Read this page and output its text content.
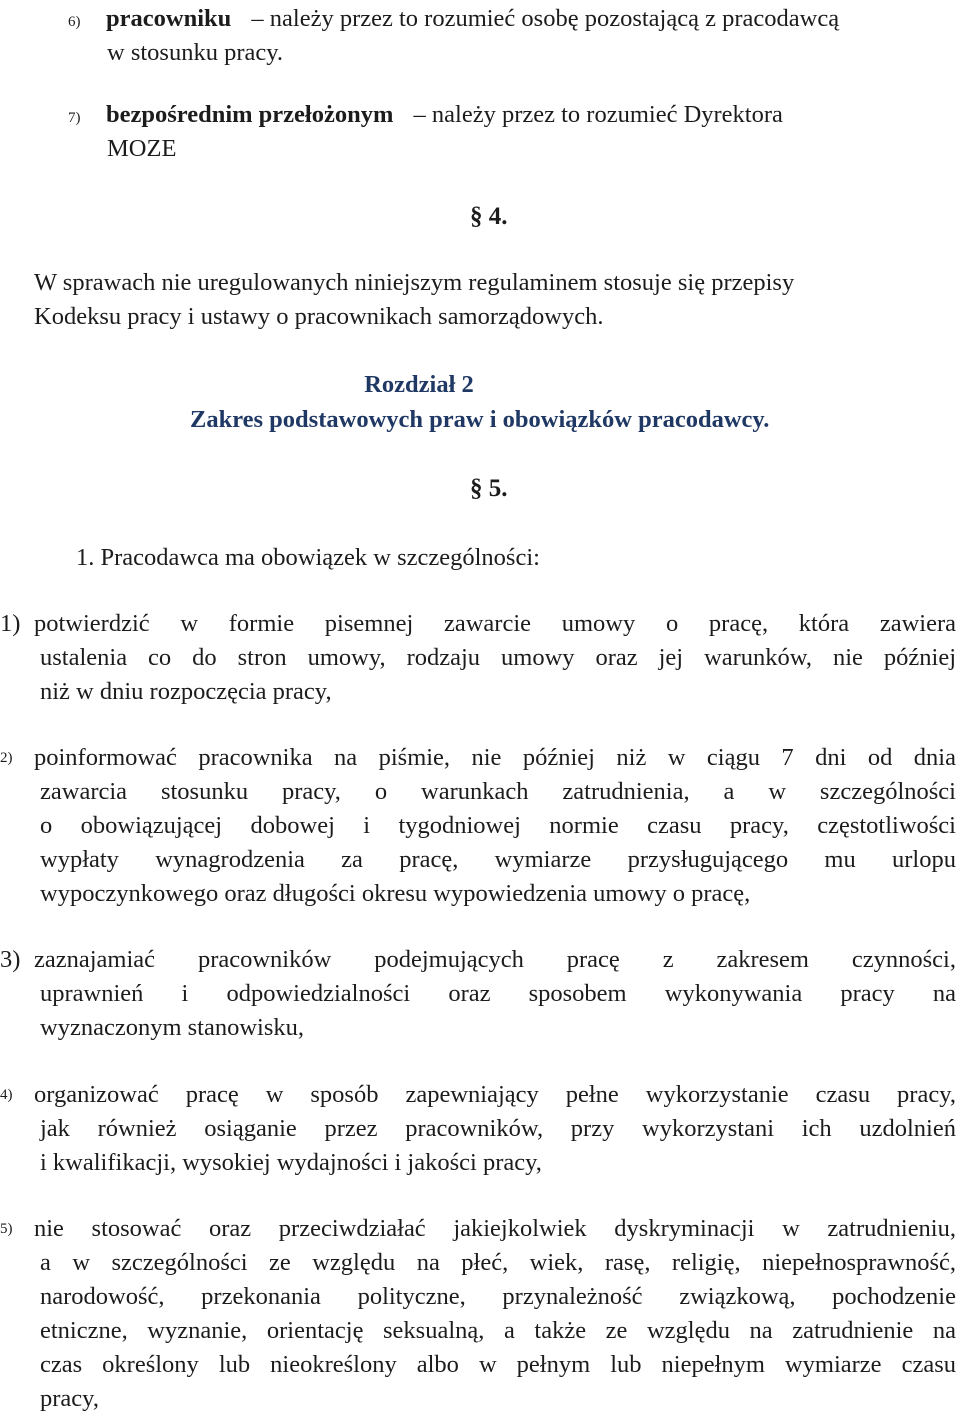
6) pracowniku – należy przez to rozumieć osobę pozostającą z pracodawcą
w stosunku pracy.
7) bezpośrednim przełożonym – należy przez to rozumieć Dyrektora
MOZE
§ 4.
W sprawach nie uregulowanych niniejszym regulaminem stosuje się przepisy
Kodeksu pracy i ustawy o pracownikach samorządowych.
Rozdział 2
Zakres podstawowych praw i obowiązków pracodawcy.
§ 5.
1. Pracodawca ma obowiązek w szczególności:
1) potwierdzić w formie pisemnej zawarcie umowy o pracę, która zawiera
ustalenia co do stron umowy, rodzaju umowy oraz jej warunków, nie później
niż w dniu rozpoczęcia pracy,
2) poinformować pracownika na piśmie, nie później niż w ciągu 7 dni od dnia
zawarcia stosunku pracy, o warunkach zatrudnienia, a w szczególności
o obowiązującej dobowej i tygodniowej normie czasu pracy, częstotliwości
wypłaty wynagrodzenia za pracę, wymiarze przysługującego mu urlopu
wypoczynkowego oraz długości okresu wypowiedzenia umowy o pracę,
3) zaznajamiać pracowników podejmujących pracę z zakresem czynności,
uprawnień i odpowiedzialności oraz sposobem wykonywania pracy na
wyznaczonym stanowisku,
4) organizować pracę w sposób zapewniający pełne wykorzystanie czasu pracy,
jak również osiąganie przez pracowników, przy wykorzystani ich uzdolnień
i kwalifikacji, wysokiej wydajności i jakości pracy,
5) nie stosować oraz przeciwdziałać jakiejkolwiek dyskryminacji w zatrudnieniu,
a w szczególności ze względu na płeć, wiek, rasę, religię, niepełnosprawność,
narodowość, przekonania polityczne, przynależność związkową, pochodzenie
etniczne, wyznanie, orientację seksualną, a także ze względu na zatrudnienie na
czas określony lub nieokreślony albo w pełnym lub niepełnym wymiarze czasu
pracy,
